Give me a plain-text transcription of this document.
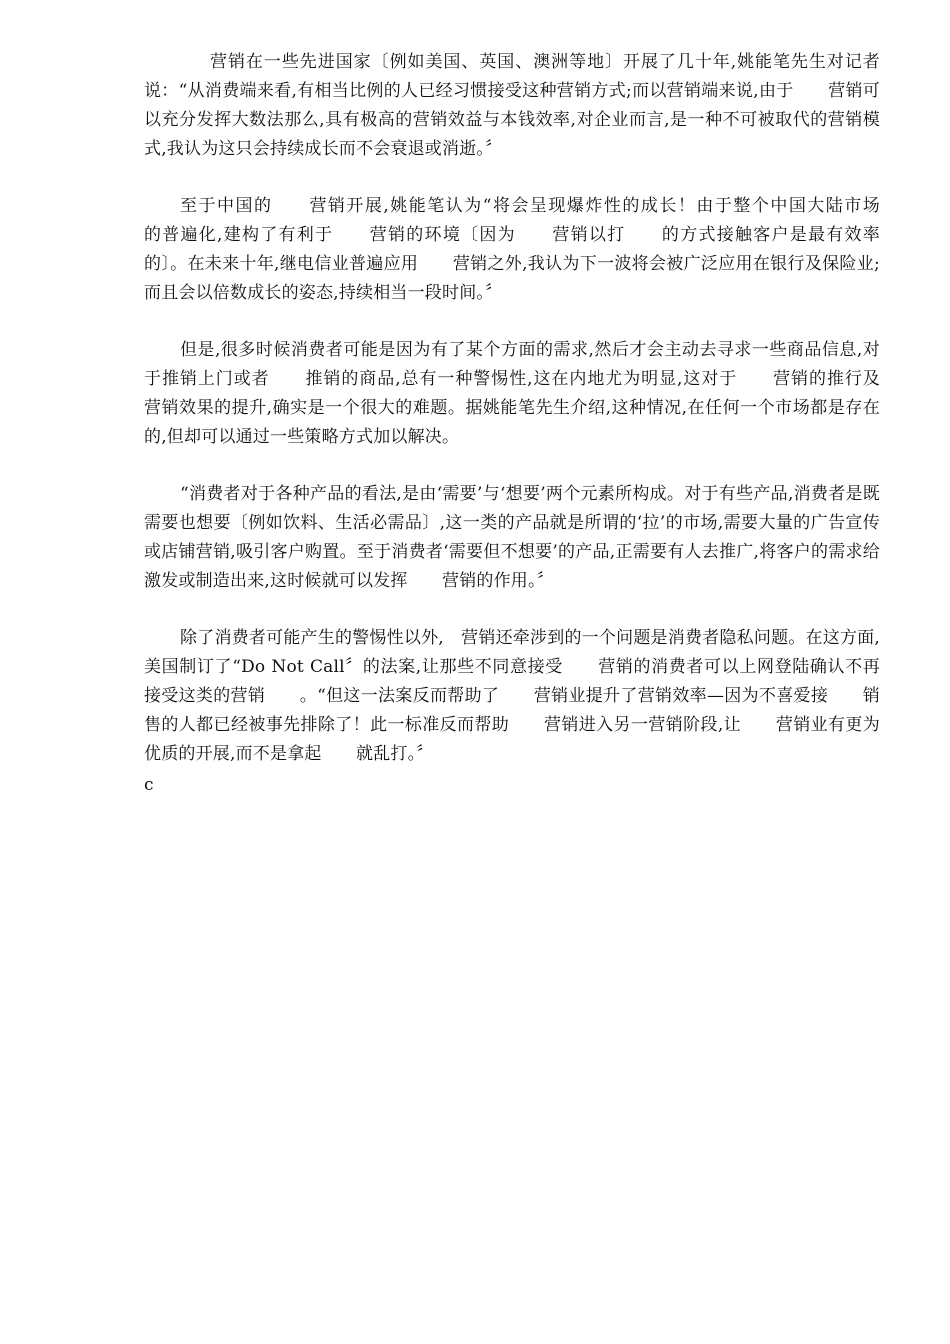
营销在一些先进国家〔例如美国、英国、澳洲等地〕开展了几十年,姚能笔先生对记者说：“从消费端来看,有相当比例的人已经习惯接受这种营销方式;而以营销端来说,由于　　营销可以充分发挥大数法那么,具有极高的营销效益与本钱效率,对企业而言,是一种不可被取代的营销模式,我认为这只会持续成长而不会衰退或消逝。〞

至于中国的　　营销开展,姚能笔认为“将会呈现爆炸性的成长！由于整个中国大陆市场　　的普遍化,建构了有利于　　营销的环境〔因为　　营销以打　　的方式接触客户是最有效率的〕。在未来十年,继电信业普遍应用　　营销之外,我认为下一波将会被广泛应用在银行及保险业;而且会以倍数成长的姿态,持续相当一段时间。〞

但是,很多时候消费者可能是因为有了某个方面的需求,然后才会主动去寻求一些商品信息,对于推销上门或者　　推销的商品,总有一种警惕性,这在内地尤为明显,这对于　　营销的推行及　　营销效果的提升,确实是一个很大的难题。据姚能笔先生介绍,这种情况,在任何一个市场都是存在的,但却可以通过一些策略方式加以解决。

“消费者对于各种产品的看法,是由‘需要’与‘想要’两个元素所构成。对于有些产品,消费者是既需要也想要〔例如饮料、生活必需品〕,这一类的产品就是所谓的‘拉’的市场,需要大量的广告宣传或店铺营销,吸引客户购置。至于消费者‘需要但不想要’的产品,正需要有人去推广,将客户的需求给激发或制造出来,这时候就可以发挥　　营销的作用。〞

除了消费者可能产生的警惕性以外,　营销还牵涉到的一个问题是消费者隐私问题。在这方面,美国制订了“Do Not Call〞的法案,让那些不同意接受　　营销的消费者可以上网登陆确认不再接受这类的营销　　。“但这一法案反而帮助了　　营销业提升了营销效率—因为不喜爱接　　销售的人都已经被事先排除了！此一标准反而帮助　　营销进入另一营销阶段,让　　营销业有更为优质的开展,而不是拿起　　就乱打。〞

c
